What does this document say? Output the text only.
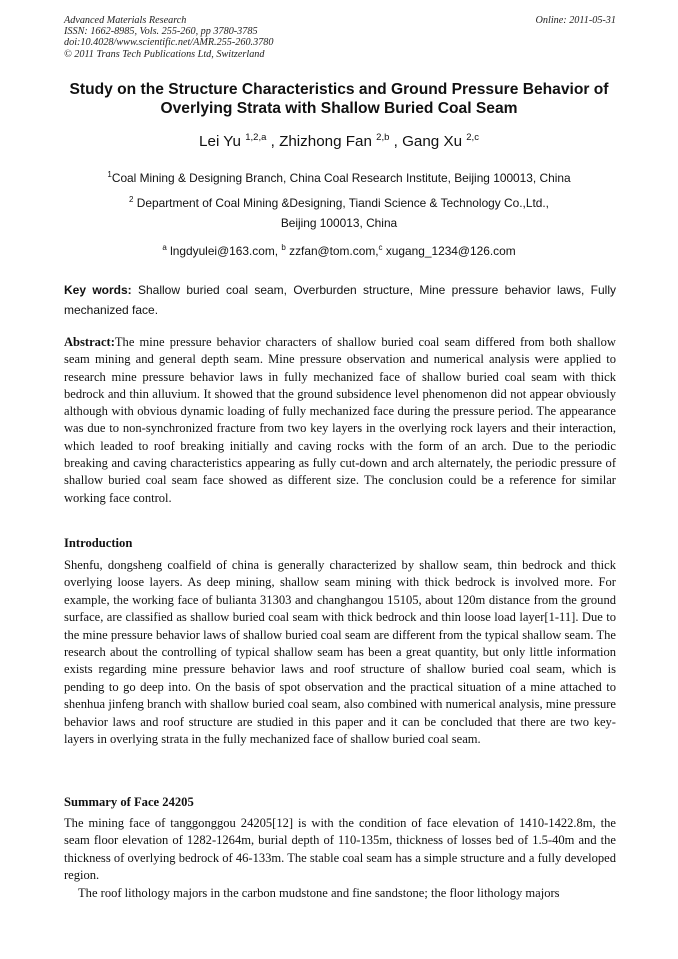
Advanced Materials Research
ISSN: 1662-8985, Vols. 255-260, pp 3780-3785
doi:10.4028/www.scientific.net/AMR.255-260.3780
© 2011 Trans Tech Publications Ltd, Switzerland
Online: 2011-05-31
Study on the Structure Characteristics and Ground Pressure Behavior of
Overlying Strata with Shallow Buried Coal Seam
Lei Yu $^{1,2,a}$ , Zhizhong Fan $^{2,b}$ , Gang Xu $^{2,c}$
$^1$Coal Mining & Designing Branch, China Coal Research Institute, Beijing 100013, China
$^2$ Department of Coal Mining &Designing, Tiandi Science & Technology Co.,Ltd.,
Beijing 100013, China
$^a$ lngdyulei@163.com, $^b$ zzfan@tom.com,$^c$ xugang_1234@126.com
Key words: Shallow buried coal seam, Overburden structure, Mine pressure behavior laws, Fully mechanized face.
Abstract:The mine pressure behavior characters of shallow buried coal seam differed from both shallow seam mining and general depth seam. Mine pressure observation and numerical analysis were applied to research mine pressure behavior laws in fully mechanized face of shallow buried coal seam with thick bedrock and thin alluvium. It showed that the ground subsidence level phenomenon did not appear obviously although with obvious dynamic loading of fully mechanized face during the pressure period. The appearance was due to non-synchronized fracture from two key layers in the overlying rock layers and their interaction, which leaded to roof breaking initially and caving rocks with the form of an arch. Due to the periodic breaking and caving characteristics appearing as fully cut-down and arch alternately, the periodic pressure of shallow buried coal seam face showed as different size. The conclusion could be a reference for similar working face control.
Introduction
Shenfu, dongsheng coalfield of china is generally characterized by shallow seam, thin bedrock and thick overlying loose layers. As deep mining, shallow seam mining with thick bedrock is involved more. For example, the working face of bulianta 31303 and changhangou 15105, about 120m distance from the ground surface, are classified as shallow buried coal seam with thick bedrock and thin loose load layer[1-11]. Due to the mine pressure behavior laws of shallow buried coal seam are different from the typical shallow seam. The research about the controlling of typical shallow seam has been a great quantity, but only little information exists regarding mine pressure behavior laws and roof structure of shallow buried coal seam, which is pending to go deep into. On the basis of spot observation and the practical situation of a mine attached to shenhua jinfeng branch with shallow buried coal seam, also combined with numerical analysis, mine pressure behavior laws and roof structure are studied in this paper and it can be concluded that there are two key-layers in overlying strata in the fully mechanized face of shallow buried coal seam.
Summary of Face 24205
The mining face of tanggonggou 24205[12] is with the condition of face elevation of 1410-1422.8m, the seam floor elevation of 1282-1264m, burial depth of 110-135m, thickness of losses bed of 1.5-40m and the thickness of overlying bedrock of 46-133m. The stable coal seam has a simple structure and a fully developed region.
The roof lithology majors in the carbon mudstone and fine sandstone; the floor lithology majors
